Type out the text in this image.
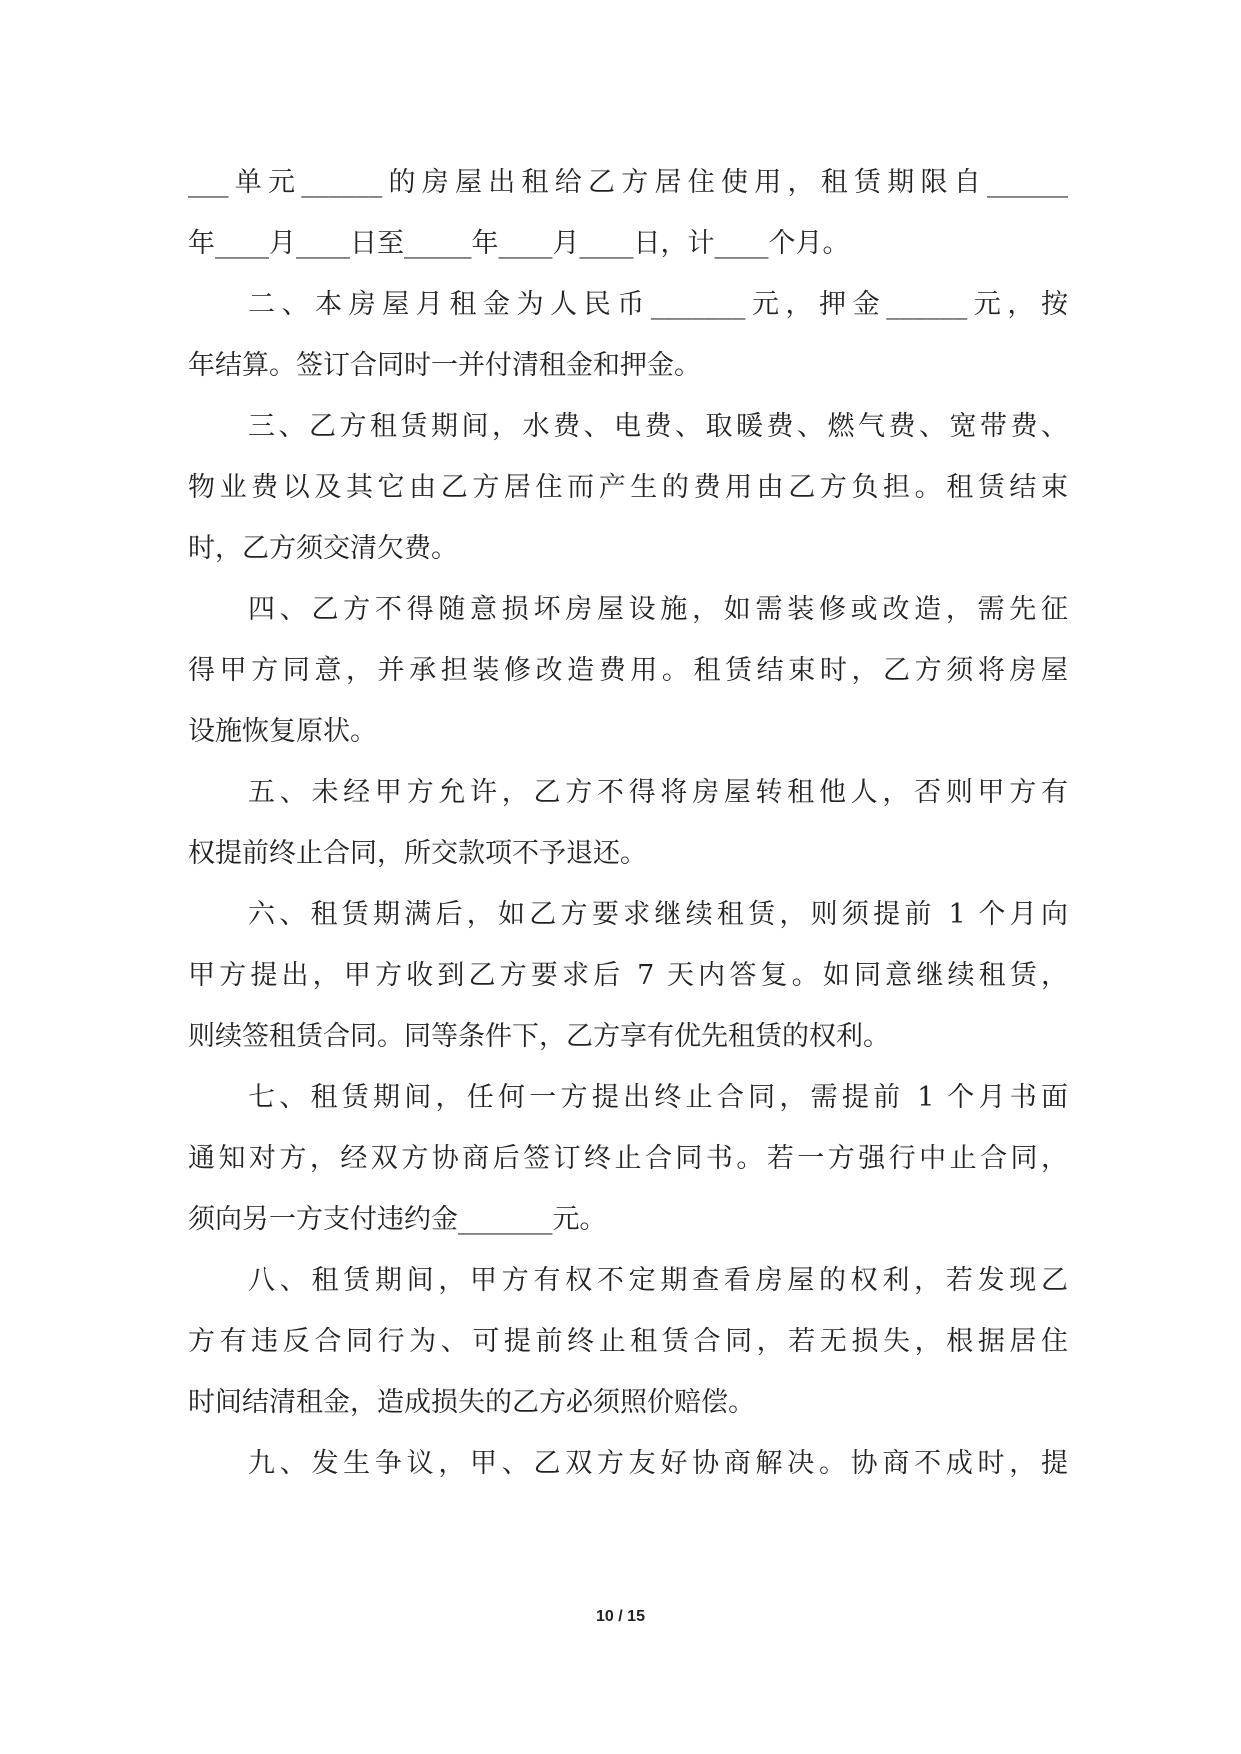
___单元______的房屋出租给乙方居住使用，租赁期限自______
年____月____日至_____年____月____日，计____个月。
二、本房屋月租金为人民币_______元，押金______元，按
年结算。签订合同时一并付清租金和押金。
三、乙方租赁期间，水费、电费、取暖费、燃气费、宽带费、
物业费以及其它由乙方居住而产生的费用由乙方负担。租赁结束
时，乙方须交清欠费。
四、乙方不得随意损坏房屋设施，如需装修或改造，需先征
得甲方同意，并承担装修改造费用。租赁结束时，乙方须将房屋
设施恢复原状。
五、未经甲方允许，乙方不得将房屋转租他人，否则甲方有
权提前终止合同，所交款项不予退还。
六、租赁期满后，如乙方要求继续租赁，则须提前 1 个月向
甲方提出，甲方收到乙方要求后 7 天内答复。如同意继续租赁，
则续签租赁合同。同等条件下，乙方享有优先租赁的权利。
七、租赁期间，任何一方提出终止合同，需提前 1 个月书面
通知对方，经双方协商后签订终止合同书。若一方强行中止合同，
须向另一方支付违约金_______元。
八、租赁期间，甲方有权不定期查看房屋的权利，若发现乙
方有违反合同行为、可提前终止租赁合同，若无损失，根据居住
时间结清租金，造成损失的乙方必须照价赔偿。
九、发生争议，甲、乙双方友好协商解决。协商不成时，提
10 / 15
